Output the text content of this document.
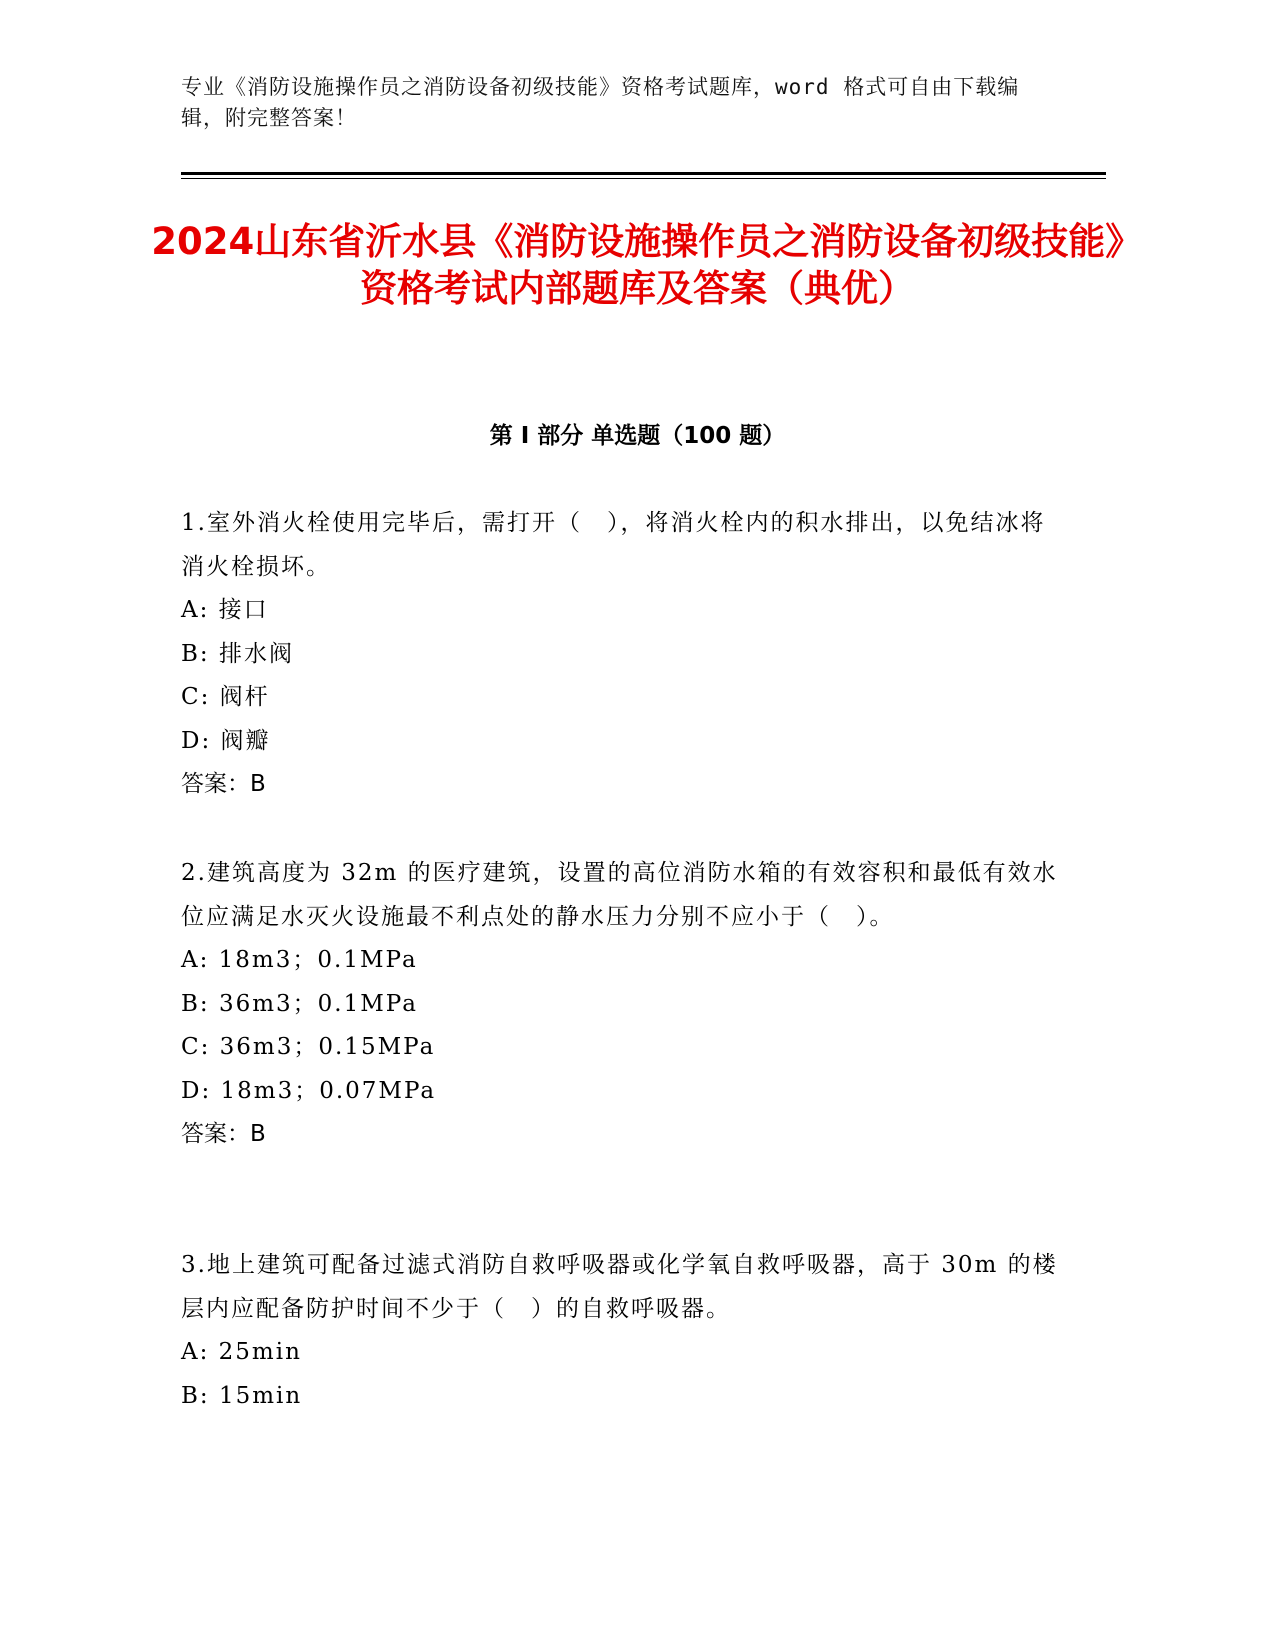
专业《消防设施操作员之消防设备初级技能》资格考试题库，word 格式可自由下载编辑，附完整答案！
2024山东省沂水县《消防设施操作员之消防设备初级技能》资格考试内部题库及答案（典优）
第 I 部分 单选题（100 题）

1.室外消火栓使用完毕后，需打开（　），将消火栓内的积水排出，以免结冰将消火栓损坏。

A: 接口

B: 排水阀

C: 阀杆

D: 阀瓣

答案：B

2.建筑高度为 32m 的医疗建筑，设置的高位消防水箱的有效容积和最低有效水位应满足水灭火设施最不利点处的静水压力分别不应小于（　）。

A: 18m3；0.1MPa

B: 36m3；0.1MPa

C: 36m3；0.15MPa

D: 18m3；0.07MPa

答案：B

3.地上建筑可配备过滤式消防自救呼吸器或化学氧自救呼吸器，高于 30m 的楼层内应配备防护时间不少于（　）的自救呼吸器。

A: 25min

B: 15min
